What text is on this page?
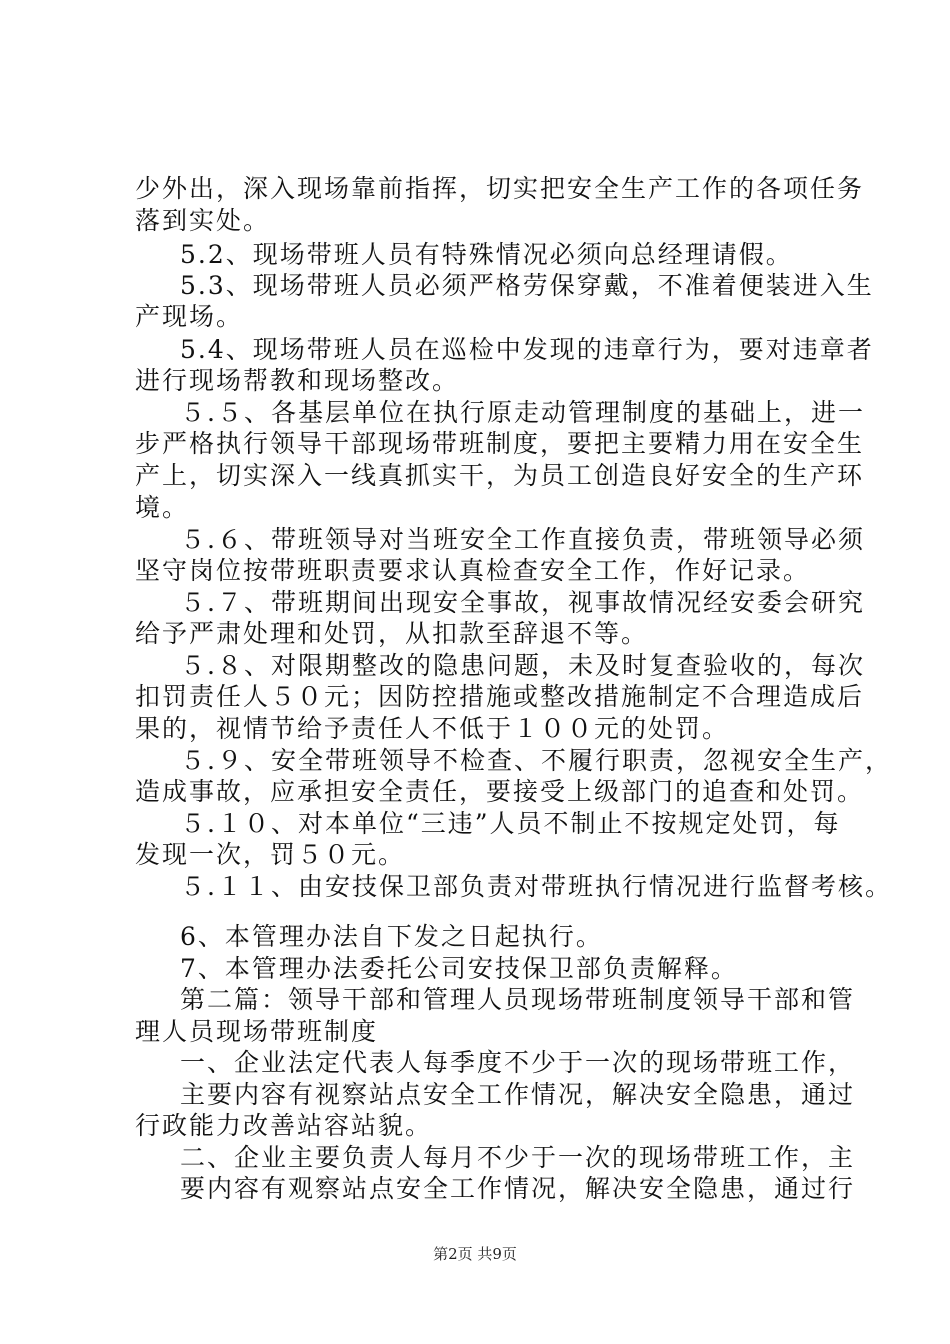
少外出，深入现场靠前指挥，切实把安全生产工作的各项任务
落到实处。
5.2、现场带班人员有特殊情况必须向总经理请假。
5.3、现场带班人员必须严格劳保穿戴，不准着便装进入生
产现场。
5.4、现场带班人员在巡检中发现的违章行为，要对违章者
进行现场帮教和现场整改。
５.５、各基层单位在执行原走动管理制度的基础上，进一
步严格执行领导干部现场带班制度，要把主要精力用在安全生
产上，切实深入一线真抓实干，为员工创造良好安全的生产环
境。
５.６、带班领导对当班安全工作直接负责，带班领导必须
坚守岗位按带班职责要求认真检查安全工作，作好记录。
５.７、带班期间出现安全事故，视事故情况经安委会研究
给予严肃处理和处罚，从扣款至辞退不等。
５.８、对限期整改的隐患问题，未及时复查验收的，每次
扣罚责任人５０元；因防控措施或整改措施制定不合理造成后
果的，视情节给予责任人不低于１００元的处罚。
５.９、安全带班领导不检查、不履行职责，忽视安全生产，
造成事故，应承担安全责任，要接受上级部门的追查和处罚。
５.１０、对本单位“三违”人员不制止不按规定处罚，每
发现一次，罚５０元。
５.１１、由安技保卫部负责对带班执行情况进行监督考核。
6、本管理办法自下发之日起执行。
7、本管理办法委托公司安技保卫部负责解释。
第二篇：领导干部和管理人员现场带班制度领导干部和管
理人员现场带班制度
一、企业法定代表人每季度不少于一次的现场带班工作，
主要内容有视察站点安全工作情况，解决安全隐患，通过
行政能力改善站容站貌。
二、企业主要负责人每月不少于一次的现场带班工作，主
要内容有观察站点安全工作情况，解决安全隐患，通过行
第2页 共9页
